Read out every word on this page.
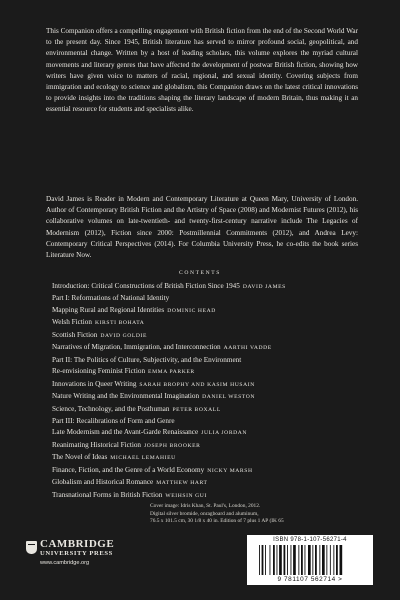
This Companion offers a compelling engagement with British fiction from the end of the Second World War to the present day. Since 1945, British literature has served to mirror profound social, geopolitical, and environmental change. Written by a host of leading scholars, this volume explores the myriad cultural movements and literary genres that have affected the development of postwar British fiction, showing how writers have given voice to matters of racial, regional, and sexual identity. Covering subjects from immigration and ecology to science and globalism, this Companion draws on the latest critical innovations to provide insights into the traditions shaping the literary landscape of modern Britain, thus making it an essential resource for students and specialists alike.

David James is Reader in Modern and Contemporary Literature at Queen Mary, University of London. Author of Contemporary British Fiction and the Artistry of Space (2008) and Modernist Futures (2012), his collaborative volumes on late-twentieth- and twenty-first-century narrative include The Legacies of Modernism (2012), Fiction since 2000: Postmillennial Commitments (2012), and Andrea Levy: Contemporary Critical Perspectives (2014). For Columbia University Press, he co-edits the book series Literature Now.

CONTENTS
Introduction: Critical Constructions of British Fiction Since 1945 DAVID JAMES
Part I: Reformations of National Identity
Mapping Rural and Regional Identities DOMINIC HEAD
Welsh Fiction KIRSTI BOHATA
Scottish Fiction DAVID GOLDIE
Narratives of Migration, Immigration, and Interconnection AARTHI VADDE
Part II: The Politics of Culture, Subjectivity, and the Environment
Re-envisioning Feminist Fiction EMMA PARKER
Innovations in Queer Writing SARAH BROPHY AND KASIM HUSAIN
Nature Writing and the Environmental Imagination DANIEL WESTON
Science, Technology, and the Posthuman PETER BOXALL
Part III: Recalibrations of Form and Genre
Late Modernism and the Avant-Garde Renaissance JULIA JORDAN
Reanimating Historical Fiction JOSEPH BROOKER
The Novel of Ideas MICHAEL LEMAHIEU
Finance, Fiction, and the Genre of a World Economy NICKY MARSH
Globalism and Historical Romance MATTHEW HART
Transnational Forms in British Fiction WEIHSIN GUI
Cover image: Idris Khan, St. Paul's, London, 2012.
Digital silver bromide, onragboard and aluminum,
76.5 x 101.5 cm, 30 1/8 x 40 in. Edition of 7 plus 1 AP (IK 65
CAMBRIDGE
UNIVERSITY PRESS
www.cambridge.org
ISBN 978-1-107-56271-4
9 781107 562714 >
